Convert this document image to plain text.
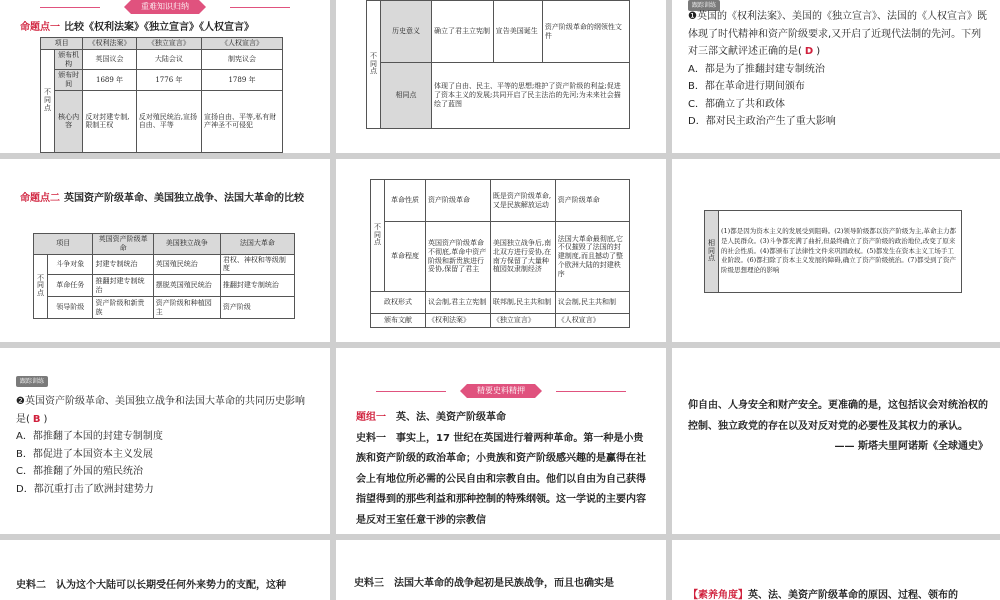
重难知识归纳
命题点一 比较《权利法案》《独立宣言》《人权宣言》
项目		《权利法案》	《独立宣言》	《人权宣言》
不同点	颁布机构	英国议会	大陆会议	制宪议会
	颁布时间	1689 年	1776 年	1789 年
	核心内容	反对封建专制,限制王权	反对殖民统治,宣扬自由、平等	宣扬自由、平等,私有财产神圣不可侵犯
不同点	历史意义	确立了君主立宪制	宣告美国诞生	资产阶级革命的纲领性文件
	相同点	体现了自由、民主、平等的思想;维护了资产阶级的利益;促进了资本主义的发展;共同开启了民主法治的先河;为未来社会描绘了蓝图		
跟踪训练
❶英国的《权利法案》、美国的《独立宣言》、法国的《人权宣言》既体现了时代精神和资产阶级要求,又开启了近现代法制的先河。下列对三部文献评述正确的是( D )
A．都是为了推翻封建专制统治
B．都在革命进行期间颁布
C．都确立了共和政体
D．都对民主政治产生了重大影响
命题点二 英国资产阶级革命、美国独立战争、法国大革命的比较
项目		英国资产阶级革命	美国独立战争	法国大革命
不同点	斗争对象	封建专制统治	英国殖民统治	君权、神权和等级制度
	革命任务	推翻封建专制统治	摆脱英国殖民统治	推翻封建专制统治
	领导阶级	资产阶级和新贵族	资产阶级和种植园主	资产阶级
不同点	革命性质	资产阶级革命	既是资产阶级革命,又是民族解放运动	资产阶级革命
	革命程度	英国资产阶级革命不彻底,革命中资产阶级和新贵族进行妥协,保留了君主	美国独立战争后,南北双方进行妥协,在南方保留了大量种植园奴隶制经济	法国大革命最彻底,它不仅摧毁了法国的封建制度,而且撼动了整个欧洲大陆的封建秩序
政权形式		议会制,君主立宪制	联邦制,民主共和制	议会制,民主共和制
颁布文献		《权利法案》	《独立宣言》	《人权宣言》
相同点	(1)都是因为资本主义的发展受到阻碍。(2)领导阶级都以资产阶级为主,革命主力都是人民群众。(3)斗争都充满了曲折,但最终确立了资产阶级的政治地位,改变了原来的社会性质。(4)都颁布了法律性文件来巩固政权。(5)都发生在资本主义工场手工业阶段。(6)都扫除了资本主义发展的障碍,确立了资产阶级统治。(7)都受到了资产阶级思想理论的影响
跟踪训练
❷英国资产阶级革命、美国独立战争和法国大革命的共同历史影响是( B )
A．都推翻了本国的封建专制制度
B．都促进了本国资本主义发展
C．都推翻了外国的殖民统治
D．都沉重打击了欧洲封建势力
精要史料精押
题组一　 英、法、美资产阶级革命
史料一　事实上，17 世纪在英国进行着两种革命。第一种是小贵族和资产阶级的政治革命；小贵族和资产阶级感兴趣的是赢得在社会上有地位所必需的公民自由和宗教自由。他们以自由为自己获得指望得到的那些利益和那种控制的特殊纲领。这一学说的主要内容是反对王室任意干涉的宗教信
仰自由、人身安全和财产安全。更准确的是，这包括议会对统治权的控制、独立政党的存在以及对反对党的必要性及其权力的承认。
—— 斯塔夫里阿诺斯《全球通史》
史料二　认为这个大陆可以长期受任何外来势力的支配，这种	史料三　法国大革命的战争起初是民族战争，而且也确实是
【素养角度】英、法、美资产阶级革命的原因、过程、领布的
